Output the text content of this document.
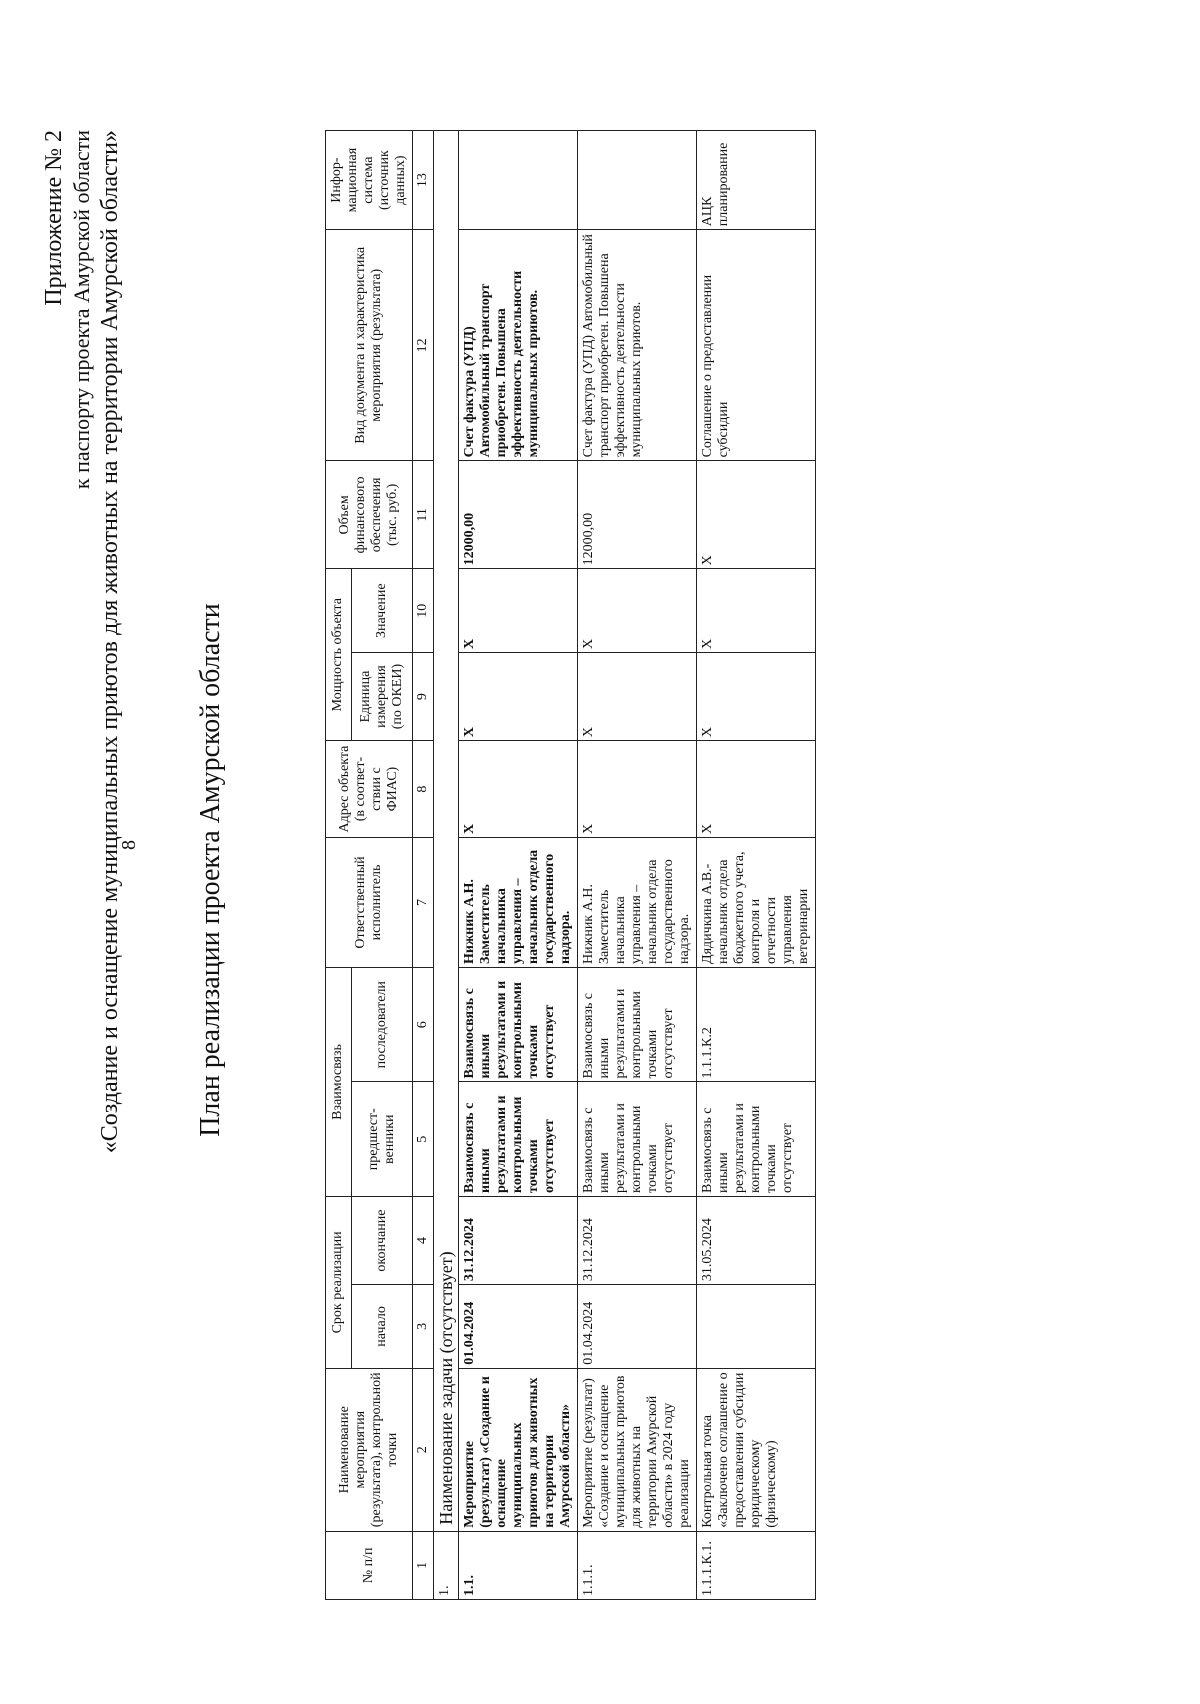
8
Приложение № 2 к паспорту проекта Амурской области «Создание и оснащение муниципальных приютов для животных на территории Амурской области»	План реализации проекта Амурской области
№ п/п	Наименование мероприятия (результата), контрольной точки	Срок реализации		Взаимосвязь		Ответственный исполнитель	Адрес объекта (в соответ-ствии с ФИАС)	Мощность объекта		Объем финансового обеспечения (тыс. руб.)	Вид документа и характеристика мероприятия (результата)	Инфор-мационная система (источник данных)
		начало	окончание	предшест-венники	последователи			Единица измерения (по ОКЕИ)	Значение			
1	2	3	4	5	6	7	8	9	10	11	12	13
1.	Наименование задачи (отсутствует)											
1.1.	Мероприятие (результат) «Создание и оснащение муниципальных приютов для животных на территории Амурской области»	01.04.2024	31.12.2024	Взаимосвязь с иными результатами и контрольными точками отсутствует	Взаимосвязь с иными результатами и контрольными точками отсутствует	Нижник А.Н. Заместитель начальника управления – начальник отдела государственного надзора.	Х	Х	Х	12000,00	Счет фактура (УПД) Автомобильный транспорт приобретен. Повышена эффективность деятельности муниципальных приютов.	
1.1.1.	Мероприятие (результат) «Создание и оснащение муниципальных приютов для животных на территории Амурской области» в 2024 году реализации	01.04.2024	31.12.2024	Взаимосвязь с иными результатами и контрольными точками отсутствует	Взаимосвязь с иными результатами и контрольными точками отсутствует	Нижник А.Н. Заместитель начальника управления – начальник отдела государственного надзора.	Х	Х	Х	12000,00	Счет фактура (УПД) Автомобильный транспорт приобретен. Повышена эффективность деятельности муниципальных приютов.	
1.1.1.К.1.	Контрольная точка «Заключено соглашение о предоставлении субсидии юридическому (физическому)		31.05.2024	Взаимосвязь с иными результатами и контрольными точками отсутствует	1.1.1.К.2	Дядичкина А.В.- начальник отдела бюджетного учета, контроля и отчетности управления ветеринарии	Х	Х	Х	Х	Соглашение о предоставлении субсидии	АЦК планирование
